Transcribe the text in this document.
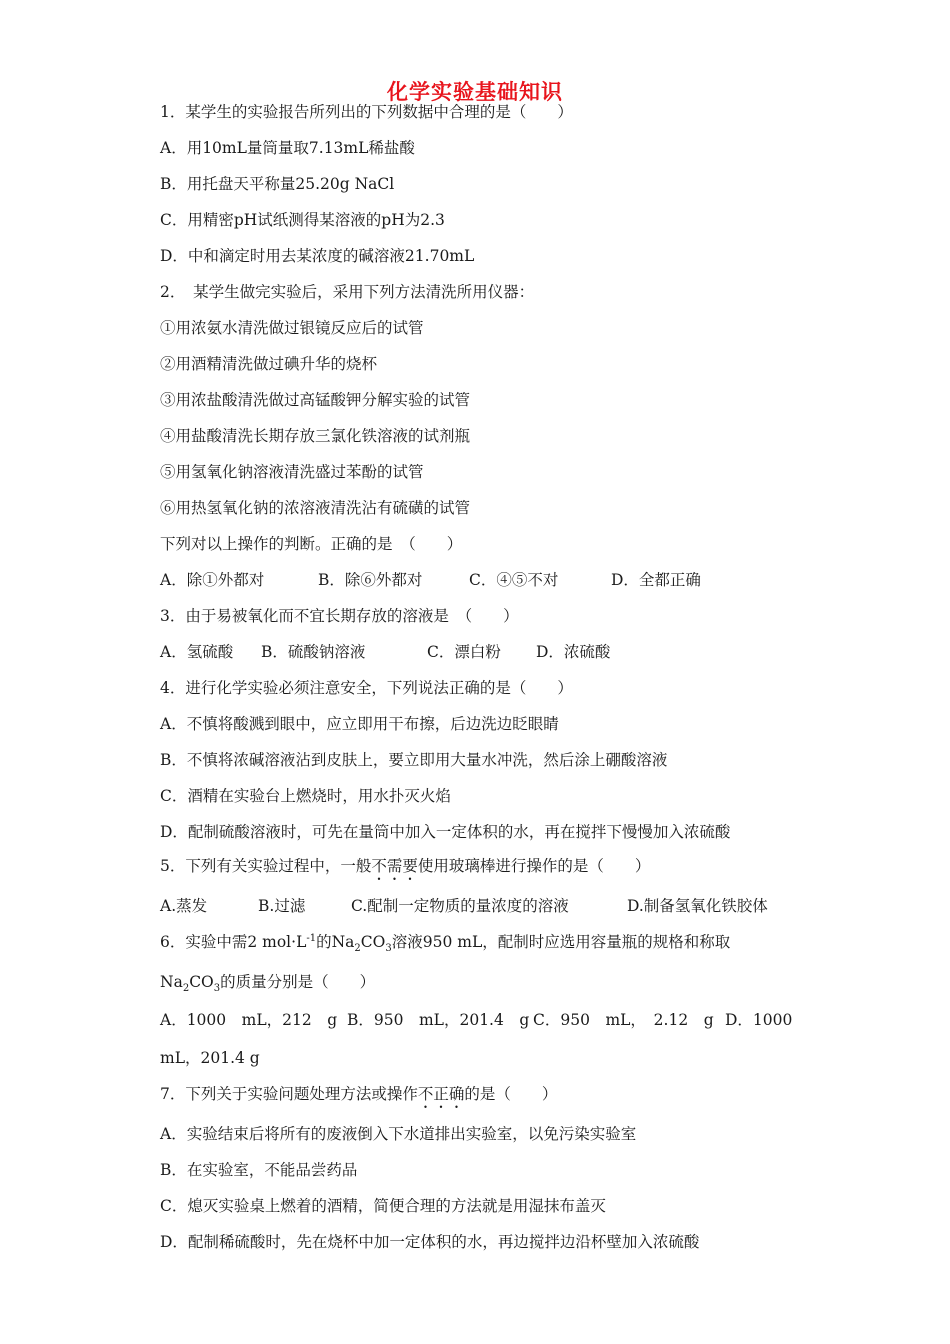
化学实验基础知识
1．某学生的实验报告所列出的下列数据中合理的是（　　）
A．用10mL量筒量取7.13mL稀盐酸
B．用托盘天平称量25.20g NaCl
C．用精密pH试纸测得某溶液的pH为2.3
D．中和滴定时用去某浓度的碱溶液21.70mL
2．　某学生做完实验后，采用下列方法清洗所用仪器：
①用浓氨水清洗做过银镜反应后的试管
②用酒精清洗做过碘升华的烧杯
③用浓盐酸清洗做过高锰酸钾分解实验的试管
④用盐酸清洗长期存放三氯化铁溶液的试剂瓶
⑤用氢氧化钠溶液清洗盛过苯酚的试管
⑥用热氢氧化钠的浓溶液清洗沾有硫磺的试管
下列对以上操作的判断。正确的是　（　　）
A．除①外都对	B．除⑥外都对	C．④⑤不对	D．全都正确
3．由于易被氧化而不宜长期存放的溶液是　（　　）
A．氢硫酸 B．硫酸钠溶液	C．漂白粉 D．浓硫酸
4．进行化学实验必须注意安全，下列说法正确的是（　　）
A．不慎将酸溅到眼中，应立即用干布擦，后边洗边眨眼睛
B．不慎将浓碱溶液沾到皮肤上，要立即用大量水冲洗，然后涂上硼酸溶液
C．酒精在实验台上燃烧时，用水扑灭火焰
D．配制硫酸溶液时，可先在量筒中加入一定体积的水，再在搅拌下慢慢加入浓硫酸
5．下列有关实验过程中，一般不需要使用玻璃棒进行操作的是（　　）
A.蒸发	B.过滤	C.配制一定物质的量浓度的溶液	D.制备氢氧化铁胶体
6．实验中需2 $mol\cdot L^{-1}$的$Na_2CO_3$溶液950 mL，配制时应选用容量瓶的规格和称取
$Na_2CO_3$的质量分别是（　　）
A．1000　mL，212　g B．950　mL，201.4　g C．950　mL，　2.12　g D．1000
mL，201.4 g
7．下列关于实验问题处理方法或操作不正确的是（　　）
A．实验结束后将所有的废液倒入下水道排出实验室，以免污染实验室
B．在实验室，不能品尝药品
C．熄灭实验桌上燃着的酒精，简便合理的方法就是用湿抹布盖灭
D．配制稀硫酸时，先在烧杯中加一定体积的水，再边搅拌边沿杯壁加入浓硫酸
